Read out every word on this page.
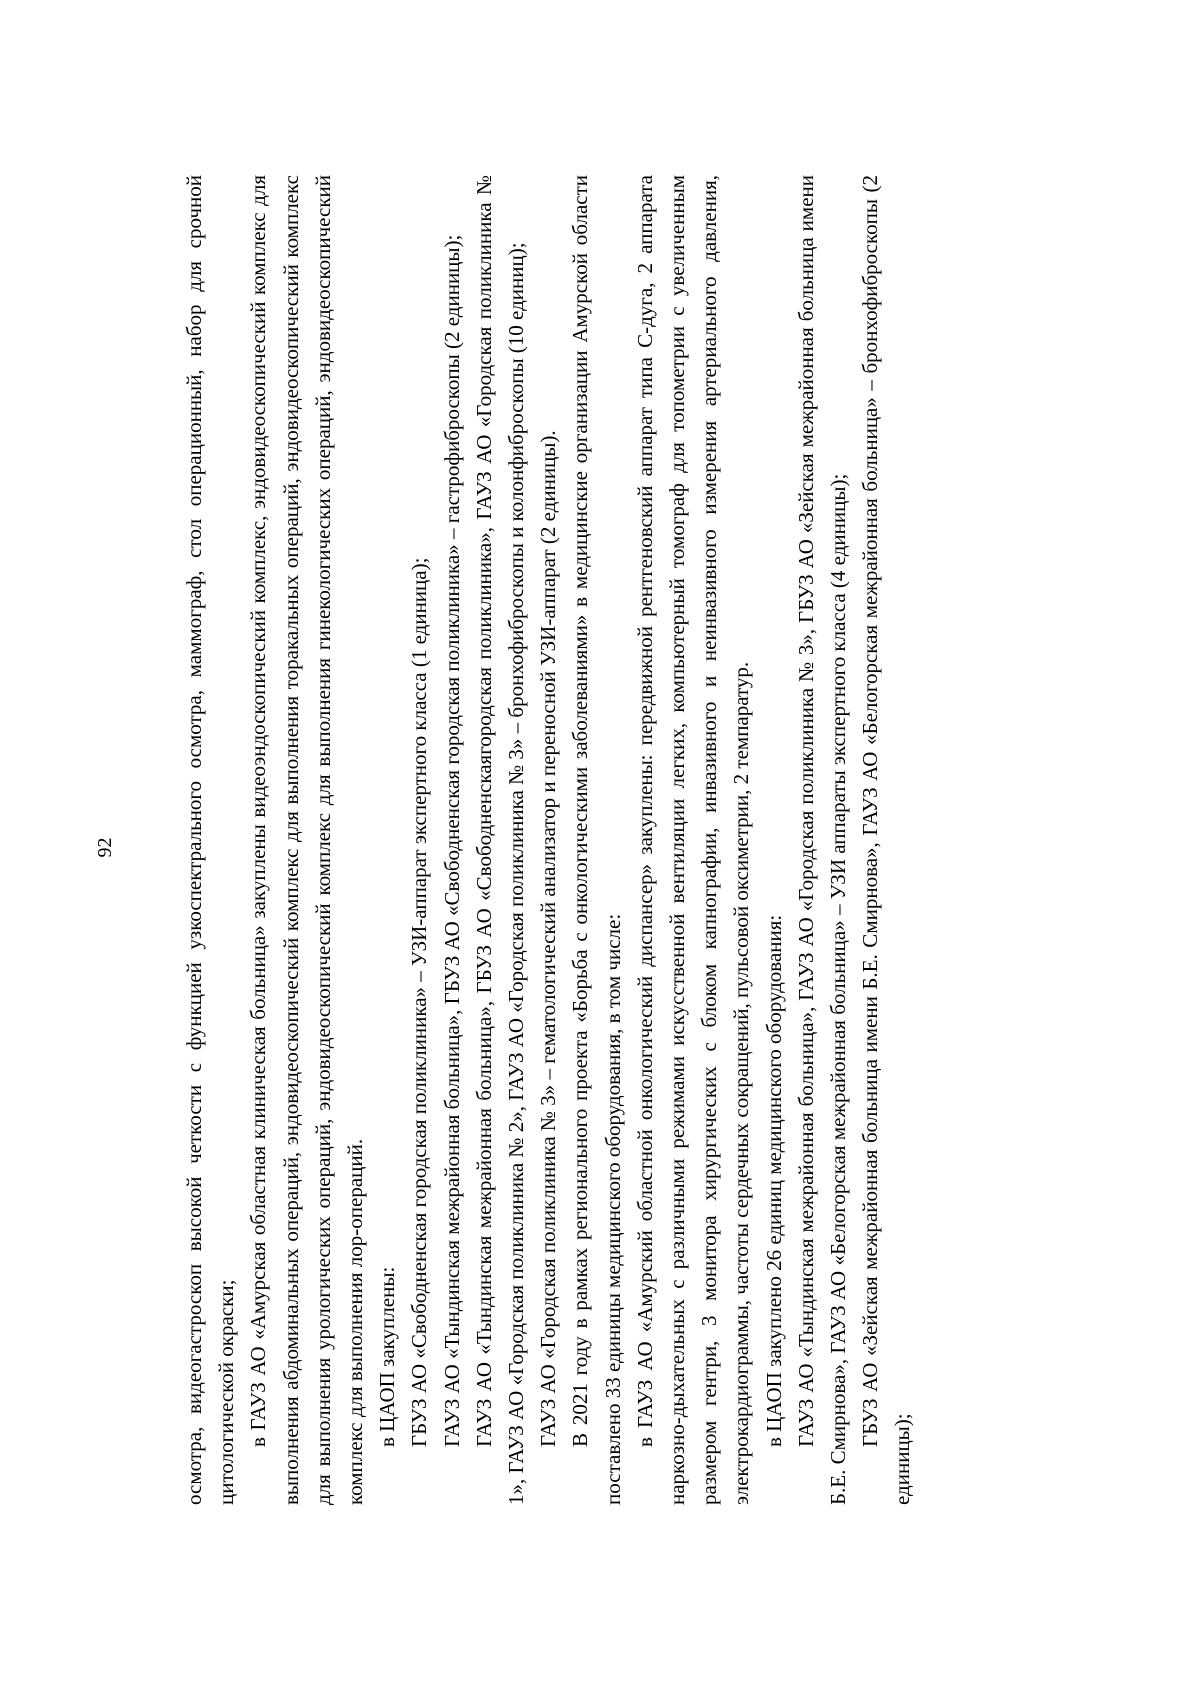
92	осмотра, видеогастроскоп высокой четкости с функцией узкоспектрального осмотра, маммограф, стол операционный, набор для срочной цитологической окраски; в ГАУЗ АО «Амурская областная клиническая больница» закуплены видеоэндоскопический комплекс, эндовидеоскопический комплекс для выполнения абдоминальных операций, эндовидеоскопический комплекс для выполнения торакальных операций, эндовидеоскопический комплекс для выполнения урологических операций, эндовидеоскопический комплекс для выполнения гинекологических операций, эндовидеоскопический комплекс для выполнения лор-операций. в ЦАОП закуплены: ГБУЗ АО «Свободненская городская поликлиника» – УЗИ-аппарат экспертного класса (1 единица); ГАУЗ АО «Тындинская межрайонная больница», ГБУЗ АО «Свободненская городская поликлиника» – гастрофиброскопы (2 единицы); ГАУЗ АО «Тындинская межрайонная больница», ГБУЗ АО «Свободненскаягородская поликлиника», ГАУЗ АО «Городская поликлиника № 1», ГАУЗ АО «Городская поликлиника № 2», ГАУЗ АО «Городская поликлиника № 3» – бронхофиброскопы и колонфиброскопы (10 единиц); ГАУЗ АО «Городская поликлиника № 3» – гематологический анализатор и переносной УЗИ-аппарат (2 единицы). В 2021 году в рамках регионального проекта «Борьба с онкологическими заболеваниями» в медицинские организации Амурской области поставлено 33 единицы медицинского оборудования, в том числе: в ГАУЗ АО «Амурский областной онкологический диспансер» закуплены: передвижной рентгеновский аппарат типа С-дуга, 2 аппарата наркозно-дыхательных с различными режимами искусственной вентиляции легких, компьютерный томограф для топометрии с увеличенным размером гентри, 3 монитора хирургических с блоком капнографии, инвазивного и неинвазивного измерения артериального давления, электрокардиограммы, частоты сердечных сокращений, пульсовой оксиметрии, 2 темпаратур. в ЦАОП закуплено 26 единиц медицинского оборудования: ГАУЗ АО «Тындинская межрайонная больница», ГАУЗ АО «Городская поликлиника № 3», ГБУЗ АО «Зейская межрайонная больница имени Б.Е. Смирнова», ГАУЗ АО «Белогорская межрайонная больница» – УЗИ аппараты экспертного класса (4 единицы); ГБУЗ АО «Зейская межрайонная больница имени Б.Е. Смирнова», ГАУЗ АО «Белогорская межрайонная больница» – бронхофиброскопы (2 единицы);
